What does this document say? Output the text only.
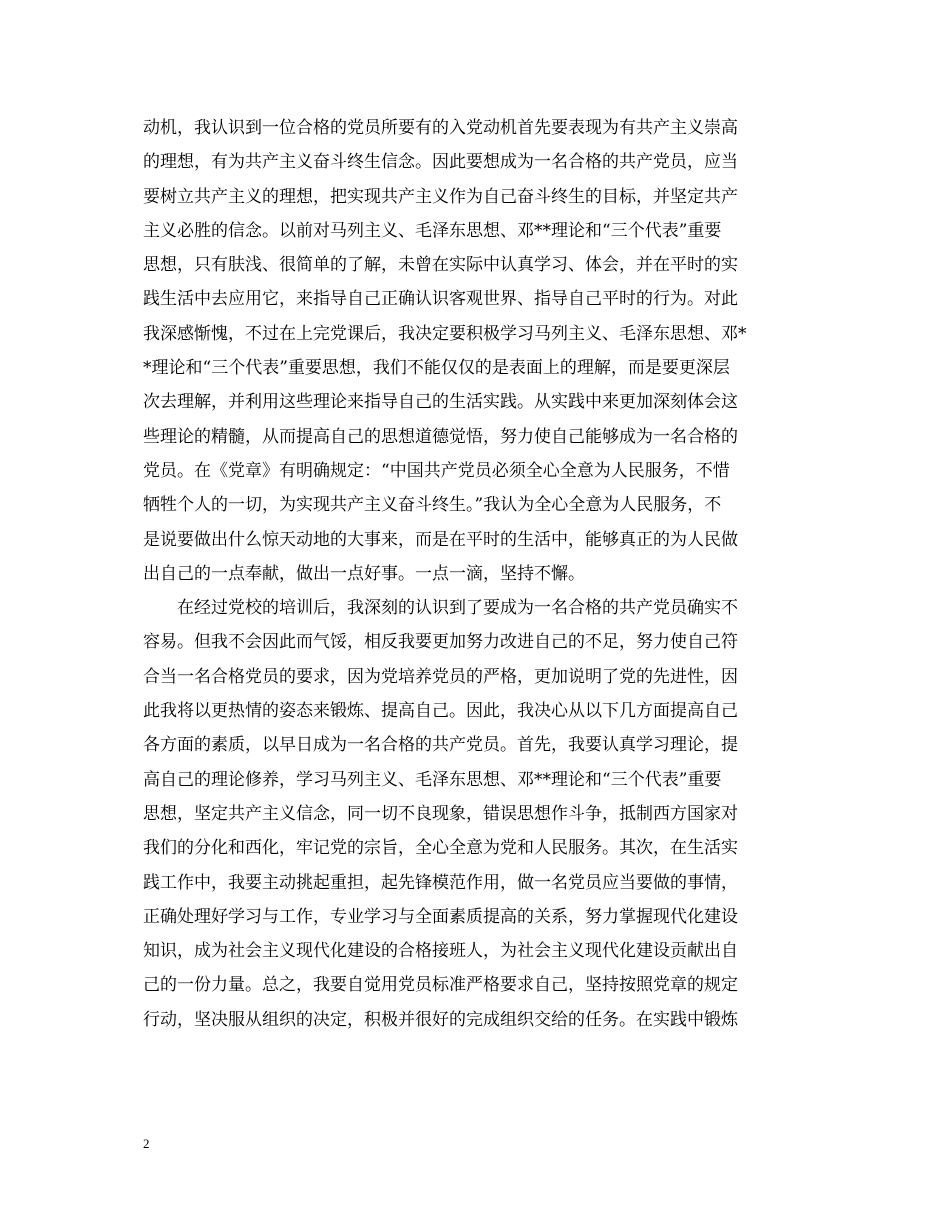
动机，我认识到一位合格的党员所要有的入党动机首先要表现为有共产主义崇高
的理想，有为共产主义奋斗终生信念。因此要想成为一名合格的共产党员，应当
要树立共产主义的理想，把实现共产主义作为自己奋斗终生的目标，并坚定共产
主义必胜的信念。以前对马列主义、毛泽东思想、邓**理论和“三个代表”重要
思想，只有肤浅、很简单的了解，未曾在实际中认真学习、体会，并在平时的实
践生活中去应用它，来指导自己正确认识客观世界、指导自己平时的行为。对此
我深感惭愧，不过在上完党课后，我决定要积极学习马列主义、毛泽东思想、邓*
*理论和“三个代表”重要思想，我们不能仅仅的是表面上的理解，而是要更深层
次去理解，并利用这些理论来指导自己的生活实践。从实践中来更加深刻体会这
些理论的精髓，从而提高自己的思想道德觉悟，努力使自己能够成为一名合格的
党员。在《党章》有明确规定：“中国共产党员必须全心全意为人民服务，不惜
牺牲个人的一切，为实现共产主义奋斗终生。”我认为全心全意为人民服务，不
是说要做出什么惊天动地的大事来，而是在平时的生活中，能够真正的为人民做
出自己的一点奉献，做出一点好事。一点一滴，坚持不懈。
　　在经过党校的培训后，我深刻的认识到了要成为一名合格的共产党员确实不
容易。但我不会因此而气馁，相反我要更加努力改进自己的不足，努力使自己符
合当一名合格党员的要求，因为党培养党员的严格，更加说明了党的先进性，因
此我将以更热情的姿态来锻炼、提高自己。因此，我决心从以下几方面提高自己
各方面的素质，以早日成为一名合格的共产党员。首先，我要认真学习理论，提
高自己的理论修养，学习马列主义、毛泽东思想、邓**理论和“三个代表”重要
思想，坚定共产主义信念，同一切不良现象，错误思想作斗争，抵制西方国家对
我们的分化和西化，牢记党的宗旨，全心全意为党和人民服务。其次，在生活实
践工作中，我要主动挑起重担，起先锋模范作用，做一名党员应当要做的事情，
正确处理好学习与工作，专业学习与全面素质提高的关系，努力掌握现代化建设
知识，成为社会主义现代化建设的合格接班人，为社会主义现代化建设贡献出自
己的一份力量。总之，我要自觉用党员标准严格要求自己，坚持按照党章的规定
行动，坚决服从组织的决定，积极并很好的完成组织交给的任务。在实践中锻炼
2
